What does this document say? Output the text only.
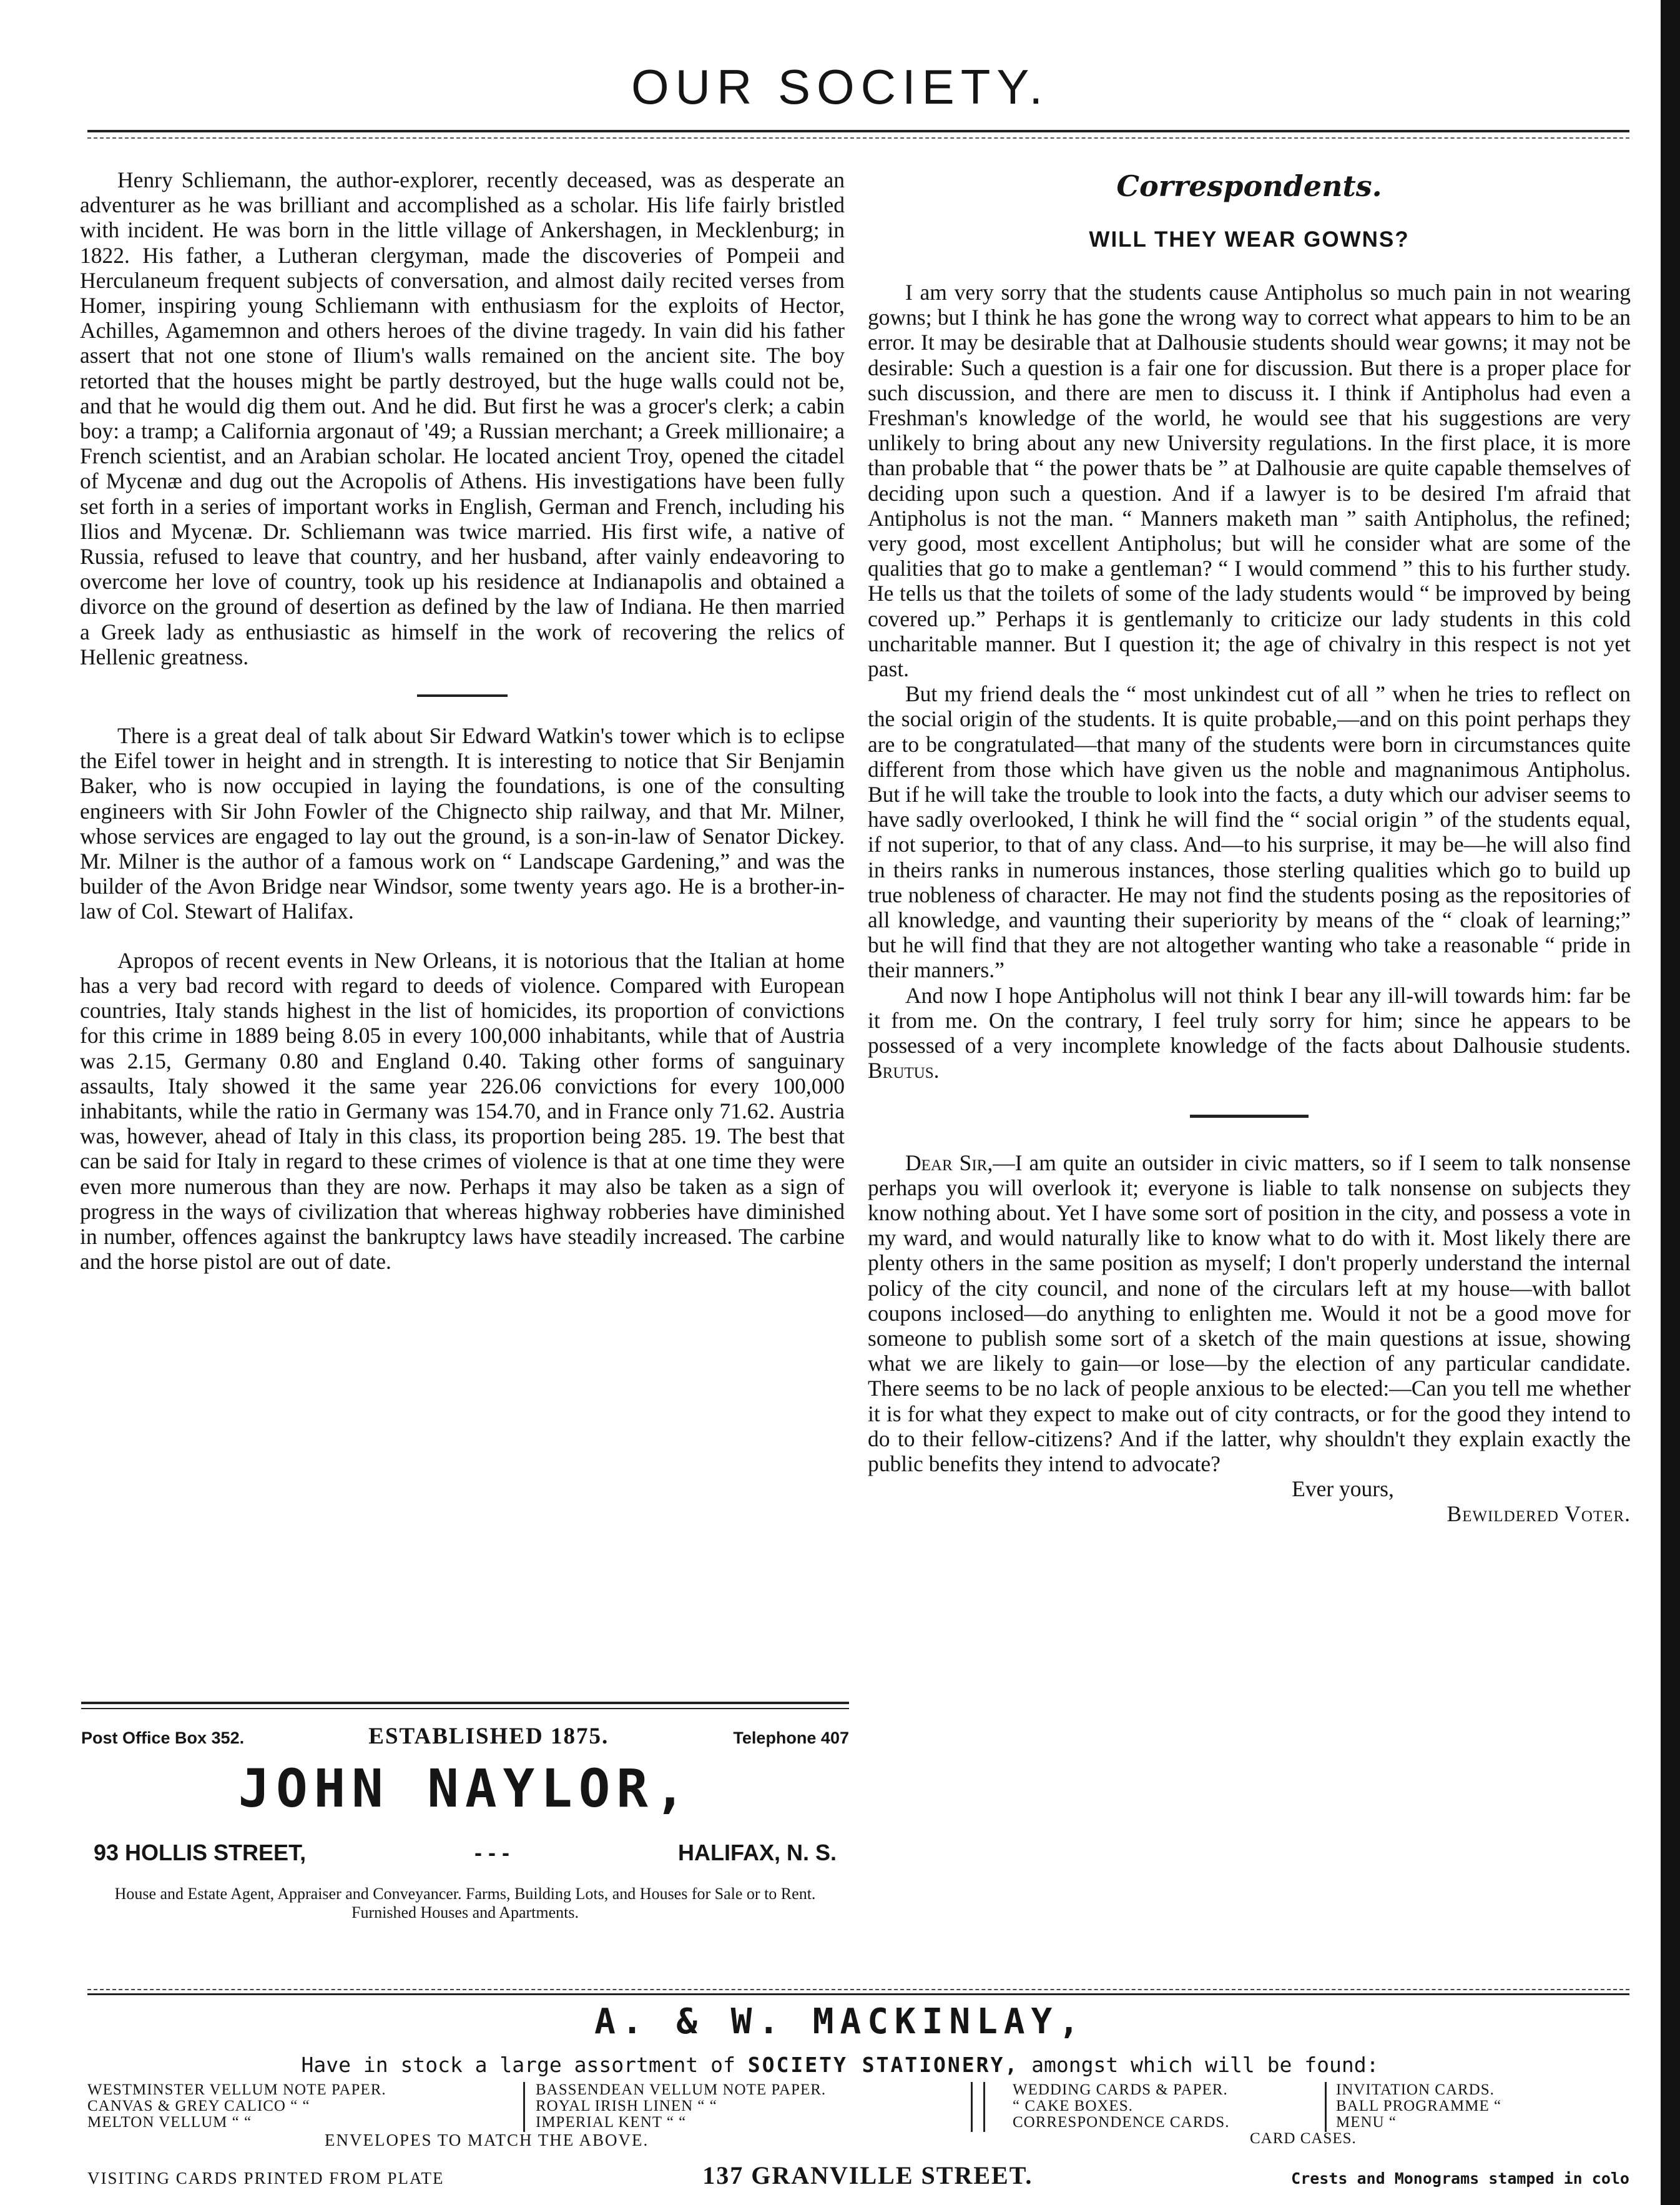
OUR SOCIETY.

Henry Schliemann, the author-explorer, recently deceased, was as desperate an adventurer as he was brilliant and accomplished as a scholar. His life fairly bristled with incident. He was born in the little village of Ankershagen, in Mecklenburg; in 1822. His father, a Lutheran clergyman, made the discoveries of Pompeii and Herculaneum frequent subjects of conversation, and almost daily recited verses from Homer, inspiring young Schliemann with enthusiasm for the exploits of Hector, Achilles, Agamemnon and others heroes of the divine tragedy. In vain did his father assert that not one stone of Ilium's walls remained on the ancient site. The boy retorted that the houses might be partly destroyed, but the huge walls could not be, and that he would dig them out. And he did. But first he was a grocer's clerk; a cabin boy: a tramp; a California argonaut of '49; a Russian merchant; a Greek millionaire; a French scientist, and an Arabian scholar. He located ancient Troy, opened the citadel of Mycenæ and dug out the Acropolis of Athens. His investigations have been fully set forth in a series of important works in English, German and French, including his Ilios and Mycenæ. Dr. Schliemann was twice married. His first wife, a native of Russia, refused to leave that country, and her husband, after vainly endeavoring to overcome her love of country, took up his residence at Indianapolis and obtained a divorce on the ground of desertion as defined by the law of Indiana. He then married a Greek lady as enthusiastic as himself in the work of recovering the relics of Hellenic greatness.

There is a great deal of talk about Sir Edward Watkin's tower which is to eclipse the Eifel tower in height and in strength. It is interesting to notice that Sir Benjamin Baker, who is now occupied in laying the foundations, is one of the consulting engineers with Sir John Fowler of the Chignecto ship railway, and that Mr. Milner, whose services are engaged to lay out the ground, is a son-in-law of Senator Dickey. Mr. Milner is the author of a famous work on “ Landscape Gardening,” and was the builder of the Avon Bridge near Windsor, some twenty years ago. He is a brother-in-law of Col. Stewart of Halifax.

Apropos of recent events in New Orleans, it is notorious that the Italian at home has a very bad record with regard to deeds of violence. Compared with European countries, Italy stands highest in the list of homicides, its proportion of convictions for this crime in 1889 being 8.05 in every 100,000 inhabitants, while that of Austria was 2.15, Germany 0.80 and England 0.40. Taking other forms of sanguinary assaults, Italy showed it the same year 226.06 convictions for every 100,000 inhabitants, while the ratio in Germany was 154.70, and in France only 71.62. Austria was, however, ahead of Italy in this class, its proportion being 285. 19. The best that can be said for Italy in regard to these crimes of violence is that at one time they were even more numerous than they are now. Perhaps it may also be taken as a sign of progress in the ways of civilization that whereas highway robberies have diminished in number, offences against the bankruptcy laws have steadily increased. The carbine and the horse pistol are out of date.

Correspondents.
WILL THEY WEAR GOWNS?

I am very sorry that the students cause Antipholus so much pain in not wearing gowns; but I think he has gone the wrong way to correct what appears to him to be an error. It may be desirable that at Dalhousie students should wear gowns; it may not be desirable: Such a question is a fair one for discussion. But there is a proper place for such discussion, and there are men to discuss it. I think if Antipholus had even a Freshman's knowledge of the world, he would see that his suggestions are very unlikely to bring about any new University regulations. In the first place, it is more than probable that “ the power thats be ” at Dalhousie are quite capable themselves of deciding upon such a question. And if a lawyer is to be desired I'm afraid that Antipholus is not the man. “ Manners maketh man ” saith Antipholus, the refined; very good, most excellent Antipholus; but will he consider what are some of the qualities that go to make a gentleman? “ I would commend ” this to his further study. He tells us that the toilets of some of the lady students would “ be improved by being covered up.” Perhaps it is gentlemanly to criticize our lady students in this cold uncharitable manner. But I question it; the age of chivalry in this respect is not yet past.

But my friend deals the “ most unkindest cut of all ” when he tries to reflect on the social origin of the students. It is quite probable,—and on this point perhaps they are to be congratulated—that many of the students were born in circumstances quite different from those which have given us the noble and magnanimous Antipholus. But if he will take the trouble to look into the facts, a duty which our adviser seems to have sadly overlooked, I think he will find the “ social origin ” of the students equal, if not superior, to that of any class. And—to his surprise, it may be—he will also find in theirs ranks in numerous instances, those sterling qualities which go to build up true nobleness of character. He may not find the students posing as the repositories of all knowledge, and vaunting their superiority by means of the “ cloak of learning;” but he will find that they are not altogether wanting who take a reasonable “ pride in their manners.”

And now I hope Antipholus will not think I bear any ill-will towards him: far be it from me. On the contrary, I feel truly sorry for him; since he appears to be possessed of a very incomplete knowledge of the facts about Dalhousie students. Brutus.

Dear Sir,—I am quite an outsider in civic matters, so if I seem to talk nonsense perhaps you will overlook it; everyone is liable to talk nonsense on subjects they know nothing about. Yet I have some sort of position in the city, and possess a vote in my ward, and would naturally like to know what to do with it. Most likely there are plenty others in the same position as myself; I don't properly understand the internal policy of the city council, and none of the circulars left at my house—with ballot coupons inclosed—do anything to enlighten me. Would it not be a good move for someone to publish some sort of a sketch of the main questions at issue, showing what we are likely to gain—or lose—by the election of any particular candidate. There seems to be no lack of people anxious to be elected:—Can you tell me whether it is for what they expect to make out of city contracts, or for the good they intend to do to their fellow-citizens? And if the latter, why shouldn't they explain exactly the public benefits they intend to advocate?

Ever yours,

Bewildered Voter.
Post Office Box 352.	ESTABLISHED 1875.	Telephone 407
JOHN NAYLOR,
93 HOLLIS STREET,	- - -	HALIFAX, N. S.
House and Estate Agent, Appraiser and Conveyancer. Farms, Building Lots, and Houses for Sale or to Rent. Furnished Houses and Apartments.
A. & W. MACKINLAY,
Have in stock a large assortment of SOCIETY STATIONERY, amongst which will be found:
WESTMINSTER VELLUM NOTE PAPER.
CANVAS & GREY CALICO “ “
MELTON VELLUM “ “
BASSENDEAN VELLUM NOTE PAPER.
ROYAL IRISH LINEN “ “
IMPERIAL KENT “ “
WEDDING CARDS & PAPER.
“ CAKE BOXES.
CORRESPONDENCE CARDS.
CARD CASES.
INVITATION CARDS.
BALL PROGRAMME “
MENU “
ENVELOPES TO MATCH THE ABOVE.
VISITING CARDS PRINTED FROM PLATE	137 GRANVILLE STREET.	Crests and Monograms stamped in colo
